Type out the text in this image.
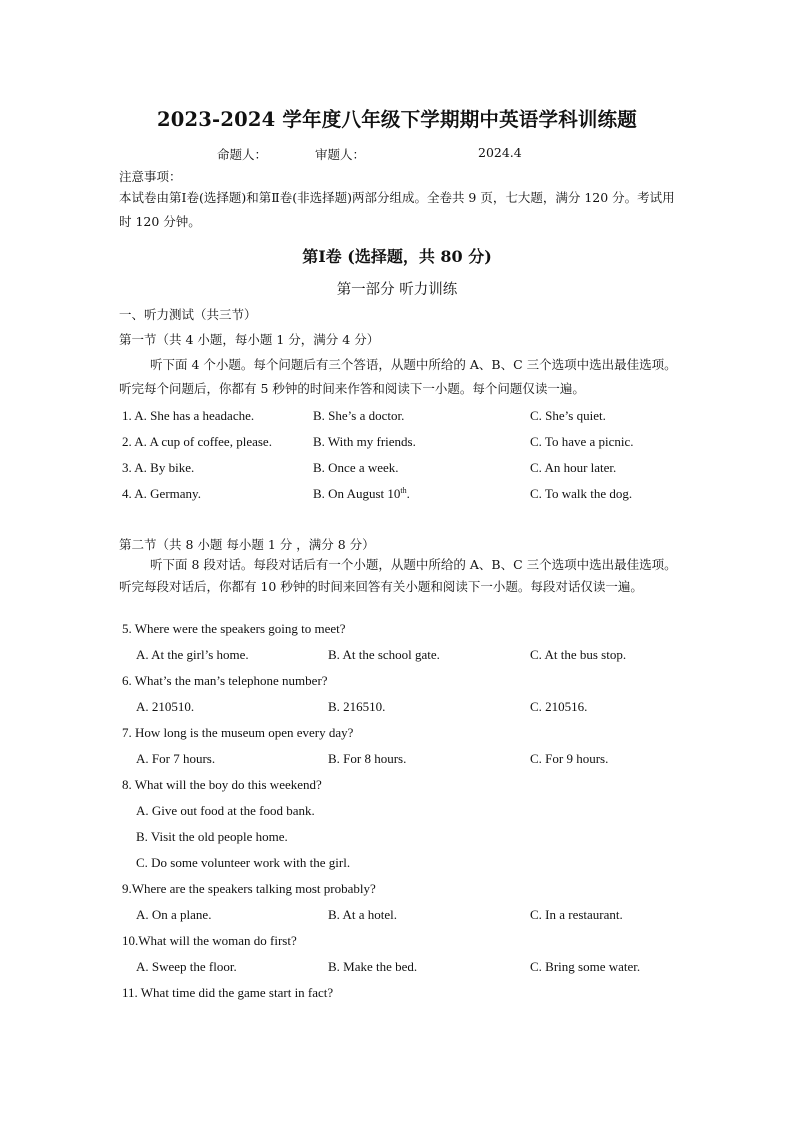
2023-2024 学年度八年级下学期期中英语学科训练题
命题人：	审题人：	2024.4
注意事项：
本试卷由第Ⅰ卷(选择题)和第Ⅱ卷(非选择题)两部分组成。全卷共 9 页，七大题，满分 120 分。考试用时 120 分钟。
第Ⅰ卷 (选择题，共 80 分)
第一部分 听力训练
一、听力测试（共三节）
第一节（共 4 小题，每小题 1 分，满分 4 分）
听下面 4 个小题。每个问题后有三个答语，从题中所给的 A、B、C 三个选项中选出最佳选项。听完每个问题后，你都有 5 秒钟的时间来作答和阅读下一小题。每个问题仅读一遍。
1. A. She has a headache.	B. She’s a doctor.	C. She’s quiet.
2. A. A cup of coffee, please.	B. With my friends.	C. To have a picnic.
3. A. By bike.	B. Once a week.	C. An hour later.
4. A. Germany.	B. On August 10th.	C. To walk the dog.
第二节（共 8 小题 每小题 1 分 ，满分 8 分）
听下面 8 段对话。每段对话后有一个小题，从题中所给的 A、B、C 三个选项中选出最佳选项。听完每段对话后，你都有 10 秒钟的时间来回答有关小题和阅读下一小题。每段对话仅读一遍。
5. Where were the speakers going to meet?
A. At the girl’s home.	B. At the school gate.	C. At the bus stop.
6. What’s the man’s telephone number?
A. 210510.	B. 216510.	C. 210516.
7. How long is the museum open every day?
A. For 7 hours.	B. For 8 hours.	C. For 9 hours.
8. What will the boy do this weekend?
A. Give out food at the food bank.
B. Visit the old people home.
C. Do some volunteer work with the girl.
9.Where are the speakers talking most probably?
A. On a plane.	B. At a hotel.	C. In a restaurant.
10.What will the woman do first?
A. Sweep the floor.	B. Make the bed.	C. Bring some water.
11. What time did the game start in fact?
